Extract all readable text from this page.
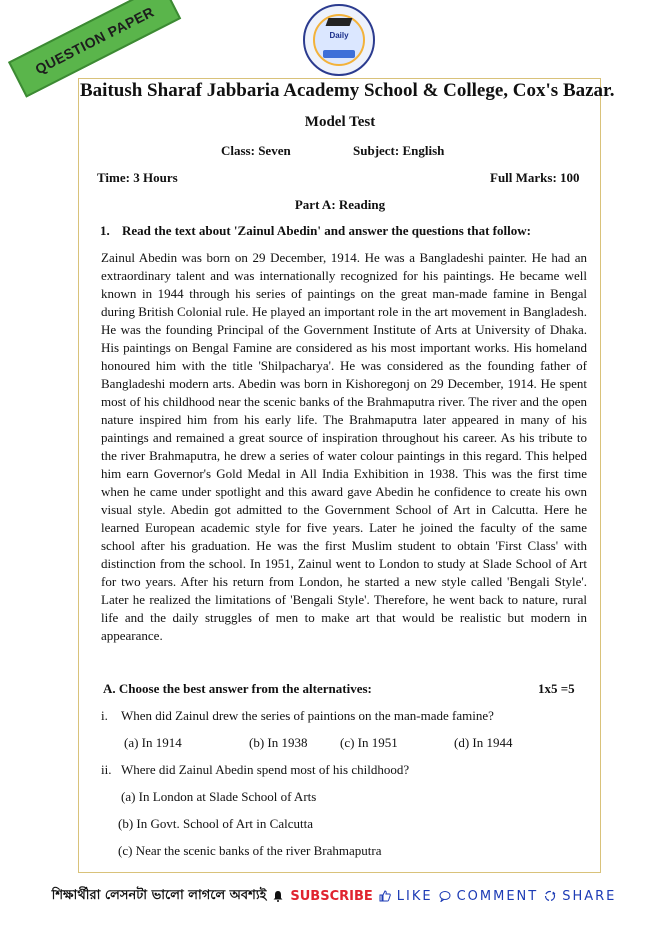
QUESTION PAPER	Daily
Baitush Sharaf Jabbaria Academy School & College, Cox's Bazar.
Model Test
Class: Seven	Subject: English
Time: 3 Hours	Full Marks: 100
Part A: Reading
1. Read the text about 'Zainul Abedin' and answer the questions that follow:
Zainul Abedin was born on 29 December, 1914. He was a Bangladeshi painter. He had an extraordinary talent and was internationally recognized for his paintings. He became well known in 1944 through his series of paintings on the great man-made famine in Bengal during British Colonial rule. He played an important role in the art movement in Bangladesh. He was the founding Principal of the Government Institute of Arts at University of Dhaka. His paintings on Bengal Famine are considered as his most important works. His homeland honoured him with the title 'Shilpacharya'. He was considered as the founding father of Bangladeshi modern arts. Abedin was born in Kishoregonj on 29 December, 1914. He spent most of his childhood near the scenic banks of the Brahmaputra river. The river and the open nature inspired him from his early life. The Brahmaputra later appeared in many of his paintings and remained a great source of inspiration throughout his career. As his tribute to the river Brahmaputra, he drew a series of water colour paintings in this regard. This helped him earn Governor's Gold Medal in All India Exhibition in 1938. This was the first time when he came under spotlight and this award gave Abedin he confidence to create his own visual style. Abedin got admitted to the Government School of Art in Calcutta. Here he learned European academic style for five years. Later he joined the faculty of the same school after his graduation. He was the first Muslim student to obtain 'First Class' with distinction from the school. In 1951, Zainul went to London to study at Slade School of Art for two years. After his return from London, he started a new style called 'Bengali Style'. Later he realized the limitations of 'Bengali Style'. Therefore, he went back to nature, rural life and the daily struggles of men to make art that would be realistic but modern in appearance.
A. Choose the best answer from the alternatives:	1x5 =5
i. When did Zainul drew the series of paintions on the man-made famine?
(a) In 1914	(b) In 1938	(c) In 1951	(d) In 1944
ii. Where did Zainul Abedin spend most of his childhood?
(a) In London at Slade School of Arts
(b) In Govt. School of Art in Calcutta
(c) Near the scenic banks of the river Brahmaputra
শিক্ষার্থীরা লেসনটা ভালো লাগলে অবশ্যই SUBSCRIBE LIKE COMMENT SHARE
